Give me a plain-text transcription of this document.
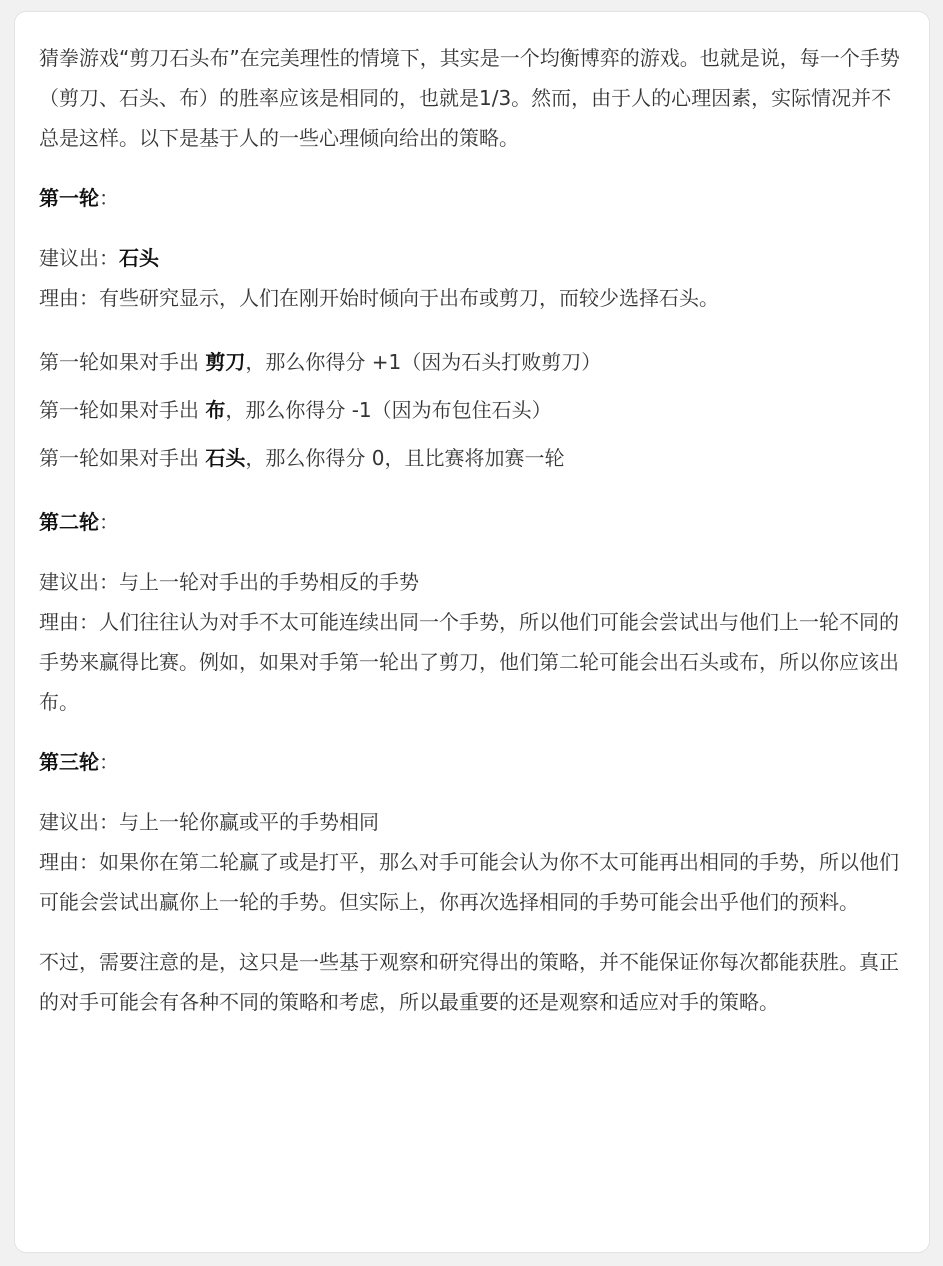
猜拳游戏“剪刀石头布”在完美理性的情境下，其实是一个均衡博弈的游戏。也就是说，每一个手势（剪刀、石头、布）的胜率应该是相同的，也就是1/3。然而，由于人的心理因素，实际情况并不总是这样。以下是基于人的一些心理倾向给出的策略。

第一轮：

建议出：石头

理由：有些研究显示，人们在刚开始时倾向于出布或剪刀，而较少选择石头。

第一轮如果对手出 剪刀，那么你得分 +1（因为石头打败剪刀）

第一轮如果对手出 布，那么你得分 -1（因为布包住石头）

第一轮如果对手出 石头，那么你得分 0，且比赛将加赛一轮

第二轮：

建议出：与上一轮对手出的手势相反的手势

理由：人们往往认为对手不太可能连续出同一个手势，所以他们可能会尝试出与他们上一轮不同的手势来赢得比赛。例如，如果对手第一轮出了剪刀，他们第二轮可能会出石头或布，所以你应该出布。

第三轮：

建议出：与上一轮你赢或平的手势相同

理由：如果你在第二轮赢了或是打平，那么对手可能会认为你不太可能再出相同的手势，所以他们可能会尝试出赢你上一轮的手势。但实际上，你再次选择相同的手势可能会出乎他们的预料。

不过，需要注意的是，这只是一些基于观察和研究得出的策略，并不能保证你每次都能获胜。真正的对手可能会有各种不同的策略和考虑，所以最重要的还是观察和适应对手的策略。
